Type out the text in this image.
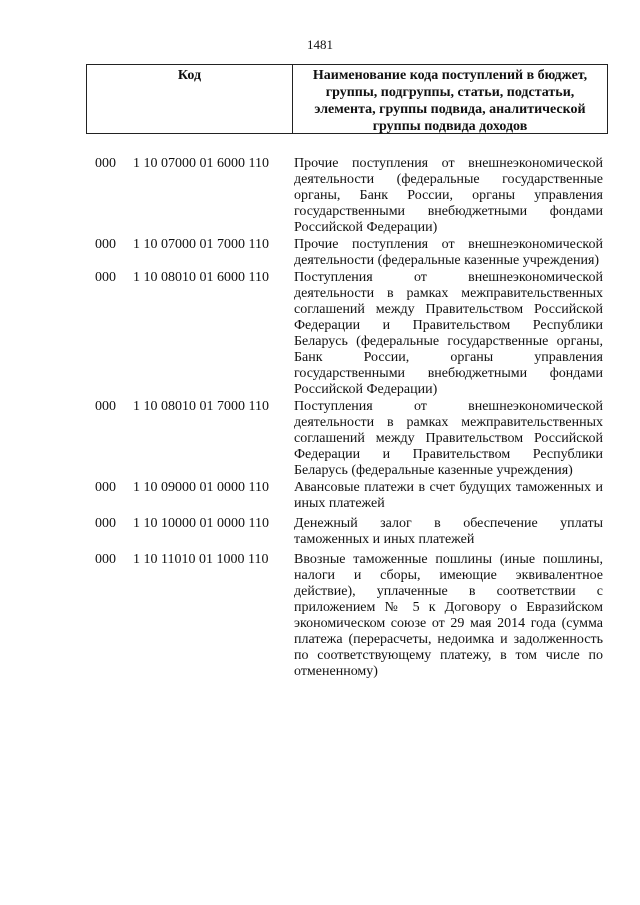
1481
Код	Наименование кода поступлений в бюджет, группы, подгруппы, статьи, подстатьи, элемента, группы подвида, аналитической группы подвида доходов
000 1 10 07000 01 6000 110 Прочие поступления от внешнеэкономической деятельности (федеральные государственные органы, Банк России, органы управления государственными внебюджетными фондами Российской Федерации)
000 1 10 07000 01 7000 110 Прочие поступления от внешнеэкономической деятельности (федеральные казенные учреждения)
000 1 10 08010 01 6000 110 Поступления от внешнеэкономической деятельности в рамках межправительственных соглашений между Правительством Российской Федерации и Правительством Республики Беларусь (федеральные государственные органы, Банк России, органы управления государственными внебюджетными фондами Российской Федерации)
000 1 10 08010 01 7000 110 Поступления от внешнеэкономической деятельности в рамках межправительственных соглашений между Правительством Российской Федерации и Правительством Республики Беларусь (федеральные казенные учреждения)
000 1 10 09000 01 0000 110 Авансовые платежи в счет будущих таможенных и иных платежей
000 1 10 10000 01 0000 110 Денежный залог в обеспечение уплаты таможенных и иных платежей
000 1 10 11010 01 1000 110 Ввозные таможенные пошлины (иные пошлины, налоги и сборы, имеющие эквивалентное действие), уплаченные в соответствии с приложением № 5 к Договору о Евразийском экономическом союзе от 29 мая 2014 года (сумма платежа (перерасчеты, недоимка и задолженность по соответствующему платежу, в том числе по отмененному)
